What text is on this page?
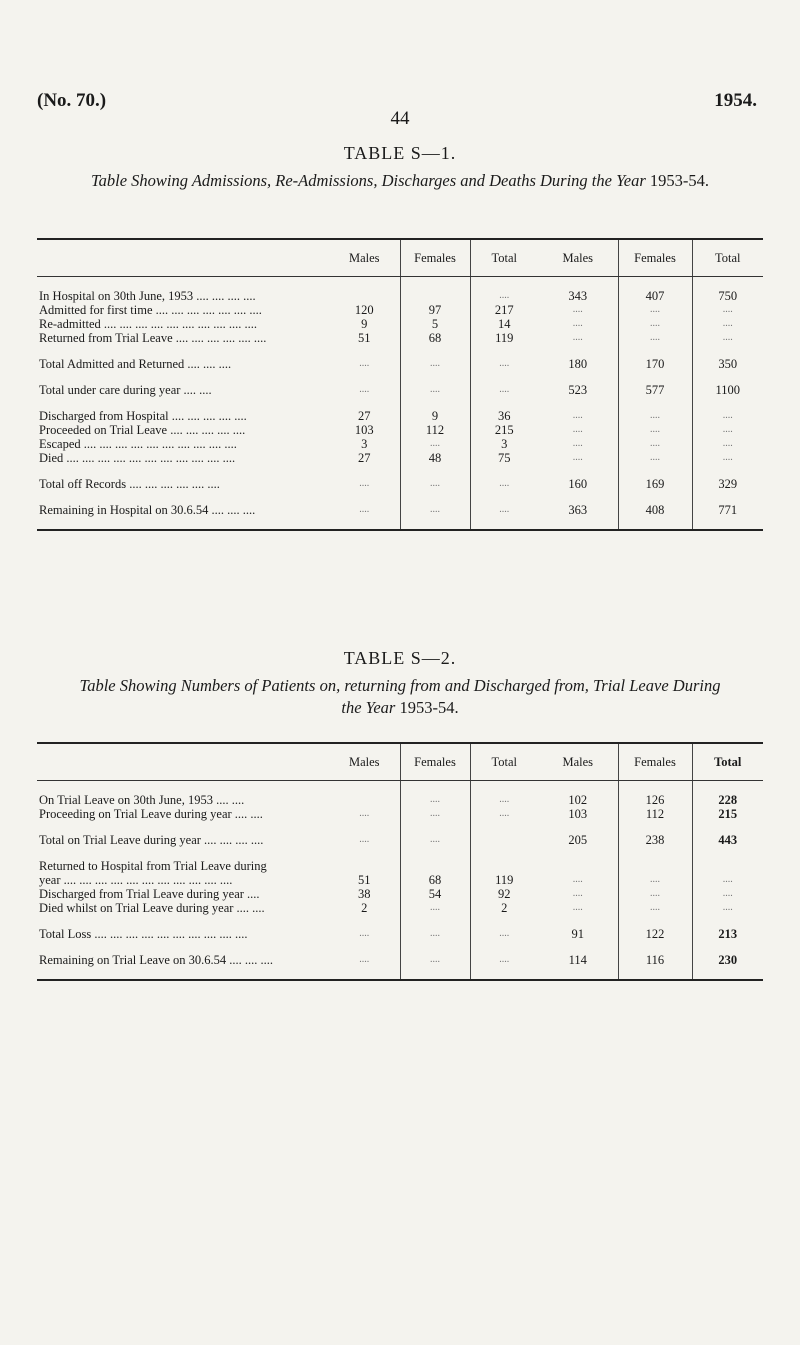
(No. 70.)
44
1954.
TABLE S—1.
Table Showing Admissions, Re-Admissions, Discharges and Deaths During the Year 1953-54.
	Males	Females	Total	Males	Females	Total

In Hospital on 30th June, 1953 .... .... .... ....			....	343	407	750
Admitted for first time .... .... .... .... .... .... ....	120	97	217	....	....	....
Re-admitted .... .... .... .... .... .... .... .... .... ....	9	5	14	....	....	....
Returned from Trial Leave .... .... .... .... .... ....	51	68	119	....	....	....

Total Admitted and Returned .... .... ....	....	....	....	180	170	350

Total under care during year .... ....	....	....	....	523	577	1100

Discharged from Hospital .... .... .... .... ....	27	9	36	....	....	....
Proceeded on Trial Leave .... .... .... .... ....	103	112	215	....	....	....
Escaped .... .... .... .... .... .... .... .... .... ....	3	....	3	....	....	....
Died .... .... .... .... .... .... .... .... .... .... ....	27	48	75	....	....	....

Total off Records .... .... .... .... .... ....	....	....	....	160	169	329

Remaining in Hospital on 30.6.54 .... .... ....	....	....	....	363	408	771

TABLE S—2.
Table Showing Numbers of Patients on, returning from and Discharged from, Trial Leave During
the Year 1953-54.
	Males	Females	Total	Males	Females	Total

On Trial Leave on 30th June, 1953 .... ....		....	....	102	126	228
Proceeding on Trial Leave during year .... ....	....	....	....	103	112	215

Total on Trial Leave during year .... .... .... ....	....	....		205	238	443

Returned to Hospital from Trial Leave during						
year .... .... .... .... .... .... .... .... .... .... ....	51	68	119	....	....	....
Discharged from Trial Leave during year ....	38	54	92	....	....	....
Died whilst on Trial Leave during year .... ....	2	....	2	....	....	....

Total Loss .... .... .... .... .... .... .... .... .... ....	....	....	....	91	122	213

Remaining on Trial Leave on 30.6.54 .... .... ....	....	....	....	114	116	230
